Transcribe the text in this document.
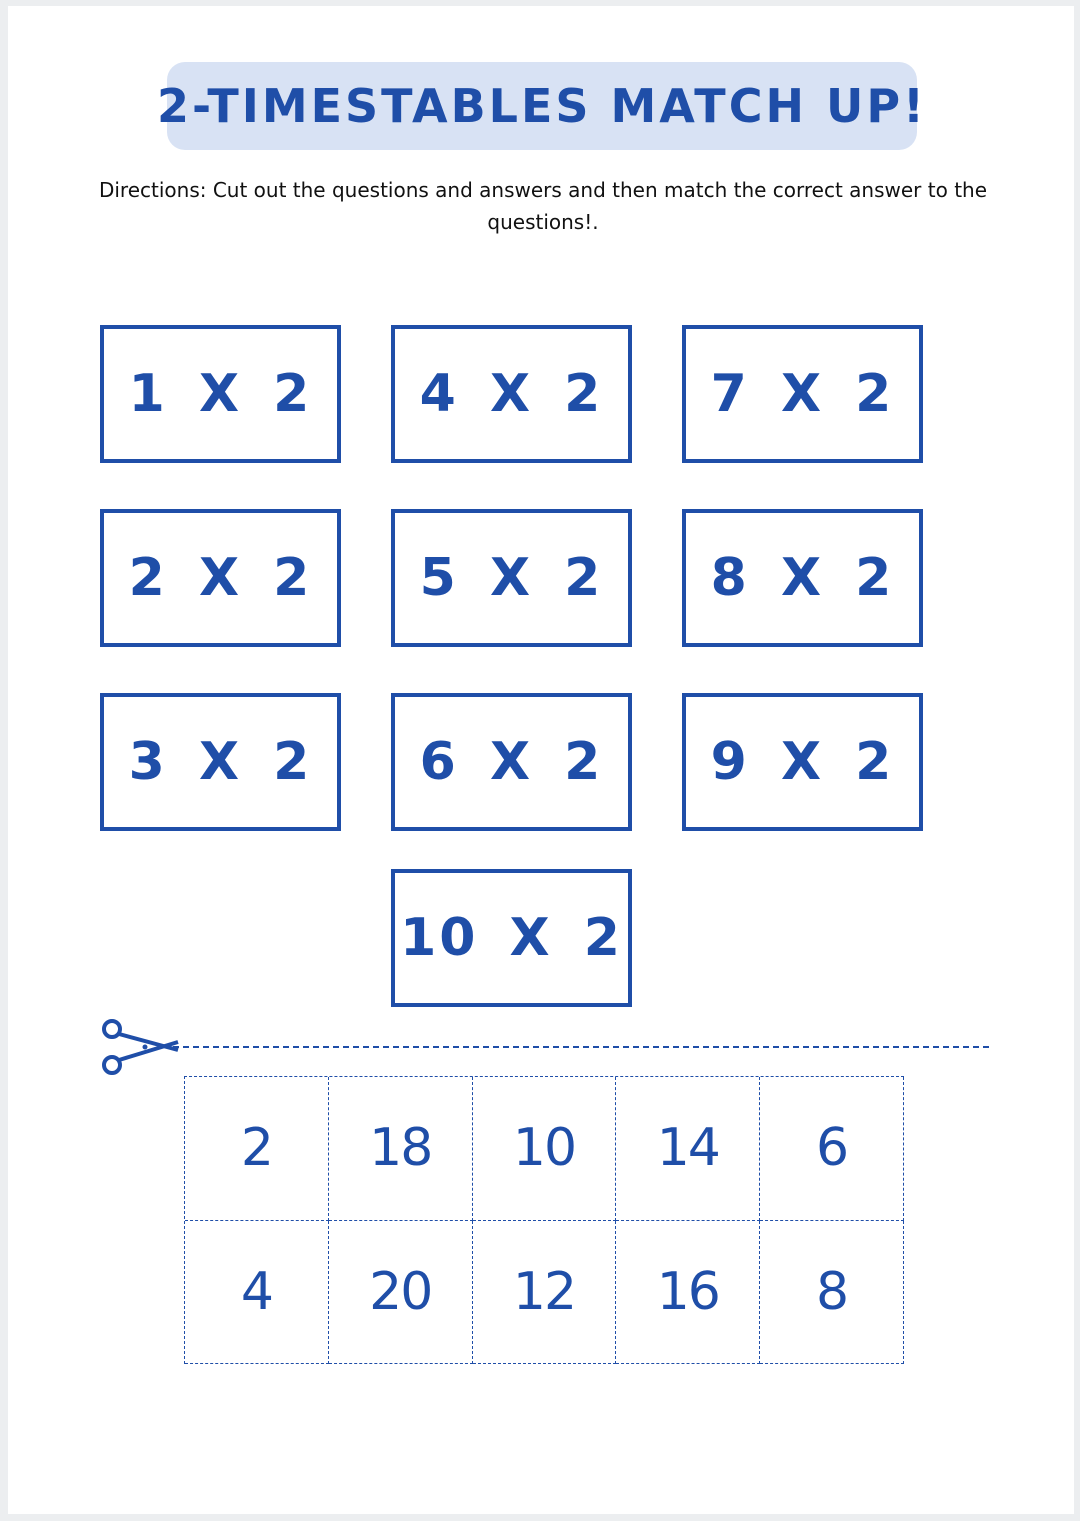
2-TIMESTABLES MATCH UP!
Directions: Cut out the questions and answers and then match the correct answer to the questions!.
1 X 2 4 X 2 7 X 2
2 X 2 5 X 2 8 X 2
3 X 2 6 X 2 9 X 2
10 X 2
2	18	10	14	6
4	20	12	16	8
